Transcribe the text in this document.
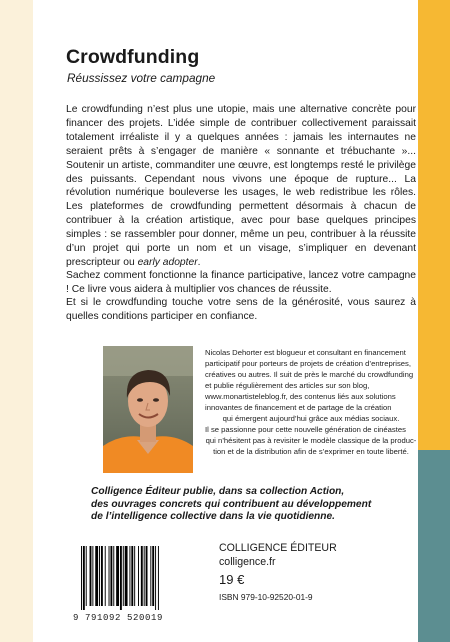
Crowdfunding
Réussissez votre campagne

Le crowdfunding n’est plus une utopie, mais une alternative concrète pour financer des projets. L’idée simple de contribuer collectivement paraissait totalement irréaliste il y a quelques années : jamais les internautes ne seraient prêts à s’engager de manière « sonnante et trébuchante »... Soutenir un artiste, commanditer une œuvre, est longtemps resté le privilège des puissants. Cependant nous vivons une époque de rupture... La révolution numérique bouleverse les usages, le web redistribue les rôles. Les plateformes de crowdfunding permettent désormais à chacun de contribuer à la création artistique, avec pour base quelques principes simples : se rassembler pour donner, même un peu, contribuer à la réussite d’un projet qui porte un nom et un visage, s’impliquer en devenant prescripteur ou early adopter.

Sachez comment fonctionne la finance participative, lancez votre campagne ! Ce livre vous aidera à multiplier vos chances de réussite.

Et si le crowdfunding touche votre sens de la générosité, vous saurez à quelles conditions participer en confiance.

Nicolas Dehorter est blogueur et consultant en financement
participatif pour porteurs de projets de création d’entreprises,
créatives ou autres. Il suit de près le marché du crowdfunding
et publie régulièrement des articles sur son blog,
www.monartisteleblog.fr, des contenus liés aux solutions
innovantes de financement et de partage de la création
qui émergent aujourd’hui grâce aux médias sociaux.

Il se passionne pour cette nouvelle génération de cinéastes
qui n’hésitent pas à revisiter le modèle classique de la produc-
tion et de la distribution afin de s’exprimer en toute liberté.

Colligence Éditeur publie, dans sa collection Action,
des ouvrages concrets qui contribuent au développement
de l’intelligence collective dans la vie quotidienne.
9 791092 520019
COLLIGENCE ÉDITEUR
colligence.fr
19 €
ISBN 979-10-92520-01-9
